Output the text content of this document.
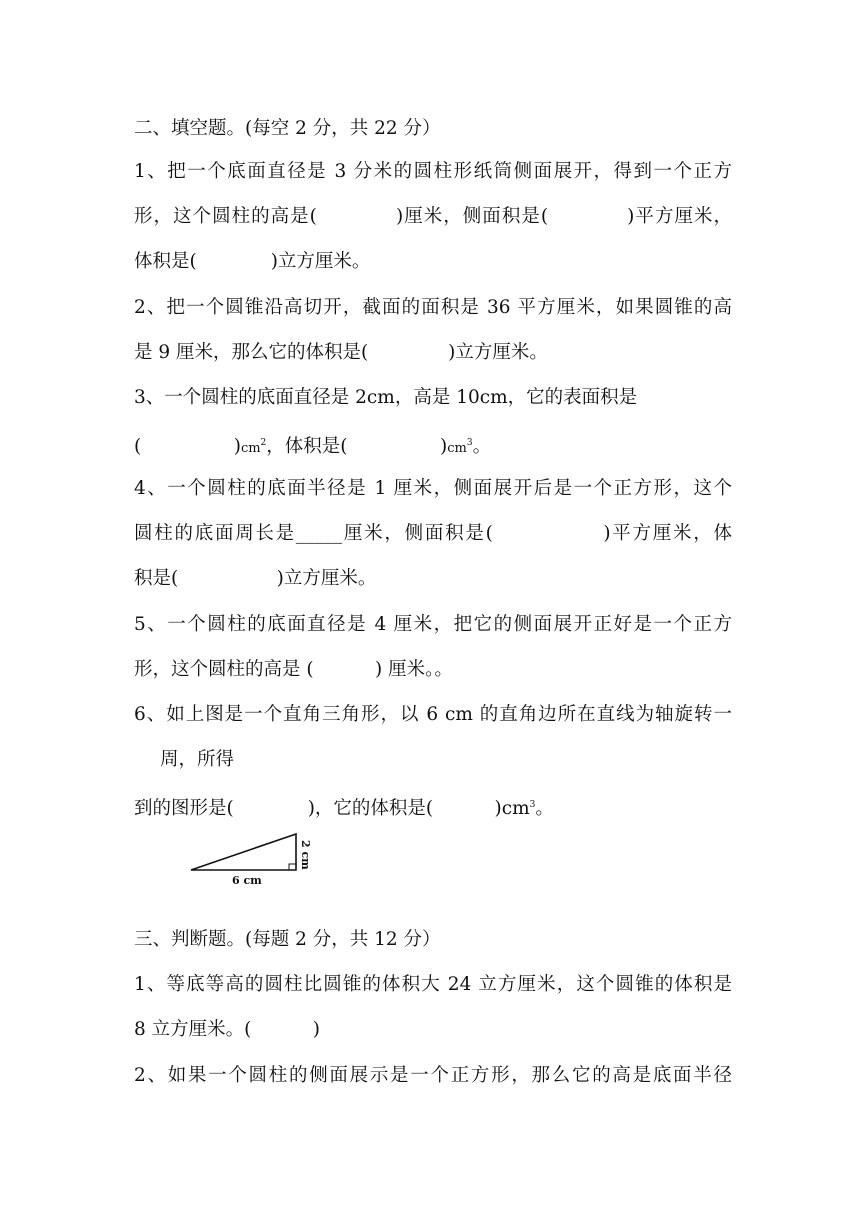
二、填空题。(每空 2 分，共 22 分）
1、把一个底面直径是 3 分米的圆柱形纸筒侧面展开，得到一个正方
形，这个圆柱的高是(　　　　)厘米，侧面积是(　　　　)平方厘米，
体积是(　　　　)立方厘米。
2、把一个圆锥沿高切开，截面的面积是 36 平方厘米，如果圆锥的高
是 9 厘米，那么它的体积是(　　　　 )立方厘米。
3、一个圆柱的底面直径是 2cm，高是 10cm，它的表面积是
(　　　　　)$cm^2$，体积是(　　　　　)$cm^3$。
4、一个圆柱的底面半径是 1 厘米，侧面展开后是一个正方形，这个
圆柱的底面周长是_____厘米，侧面积是(　　　　　 )平方厘米，体
积是(　　　　　 )立方厘米。
5、一个圆柱的底面直径是 4 厘米，把它的侧面展开正好是一个正方
形，这个圆柱的高是 (　　　 ) 厘米。。
6、如上图是一个直角三角形，以 6 cm 的直角边所在直线为轴旋转一
周，所得
到的图形是(　　　　)，它的体积是(　　　 )$cm^3$。
6 cm
2 cm
三、判断题。(每题 2 分，共 12 分）
1、等底等高的圆柱比圆锥的体积大 24 立方厘米，这个圆锥的体积是
8 立方厘米。(　　　 )
2、如果一个圆柱的侧面展示是一个正方形，那么它的高是底面半径
